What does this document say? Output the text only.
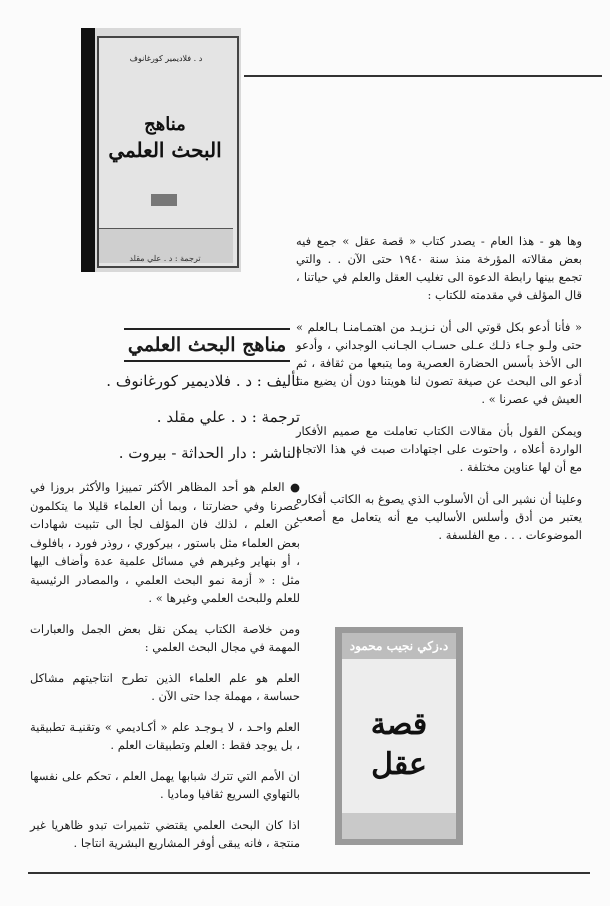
د . فلاديمير كورغانوف
مناهج
البحث العلمي
ترجمة : د . علي مقلد

وها هو - هذا العام - يصدر كتاب « قصة عقل » جمع فيه بعض مقالاته المؤرخة منذ سنة ١٩٤٠ حتى الآن . . والتي تجمع بينها رابطة الدعوة الى تغليب العقل والعلم في حياتنا ، قال المؤلف في مقدمته للكتاب :

« فأنا أدعو بكل قوتي الى أن نـزيـد من اهتمـامنـا بـالعلم » حتى ولـو جـاء ذلـك عـلى حسـاب الجـانب الوجداني ، وأدعو الى الأخذ بأسس الحضارة العصرية وما يتبعها من ثقافة ، ثم أدعو الى البحث عن صيغة تصون لنا هويتنا دون أن يضيع منا العيش في عصرنا » .

ويمكن القول بأن مقالات الكتاب تعاملت مع صميم الأفكار الواردة أعلاه ، واحتوت على اجتهادات صبت في هذا الاتجاه مع أن لها عناوين مختلفة .

وعلينا أن نشير الى أن الأسلوب الذي يصوغ به الكاتب أفكاره يعتبر من أدق وأسلس الأساليب مع أنه يتعامل مع أصعب الموضوعات . . . مع الفلسفة .

مناهج البحث العلمي
تأليف : د . فلاديمير كورغانوف .
ترجمة : د . علي مقلد .
الناشر : دار الحداثة - بيروت .

● العلم هو أحد المظاهر الأكثر تمييزا والأكثر بروزا في عصرنا وفي حضارتنا ، وبما أن العلماء قليلا ما يتكلمون عن العلم ، لذلك فان المؤلف لجأ الى تثبيت شهادات بعض العلماء مثل باستور ، بيركوري ، روذر فورد ، بافلوف ، أو بنهاير وغيرهم في مسائل علمية عدة وأضاف اليها مثل : « أزمة نمو البحث العلمي ، والمصادر الرئيسية للعلم وللبحث العلمي وغيرها » .

ومن خلاصة الكتاب يمكن نقل بعض الجمل والعبارات المهمة في مجال البحث العلمي :

العلم هو علم العلماء الذين تطرح انتاجيتهم مشاكل حساسة ، مهملة جدا حتى الآن .

العلم واحـد ، لا يـوجـد علم « أكـاديمي » وتقنيـة تطبيقية ، بل يوجد فقط : العلم وتطبيقات العلم .

ان الأمم التي تترك شبابها يهمل العلم ، تحكم على نفسها بالتهاوي السريع ثقافيا وماديا .

اذا كان البحث العلمي يقتضي تثميرات تبدو ظاهريا غير منتجة ، فانه يبقى أوفر المشاريع البشرية انتاجا .

د.زكي نجيب محمود
قصة
عقل
